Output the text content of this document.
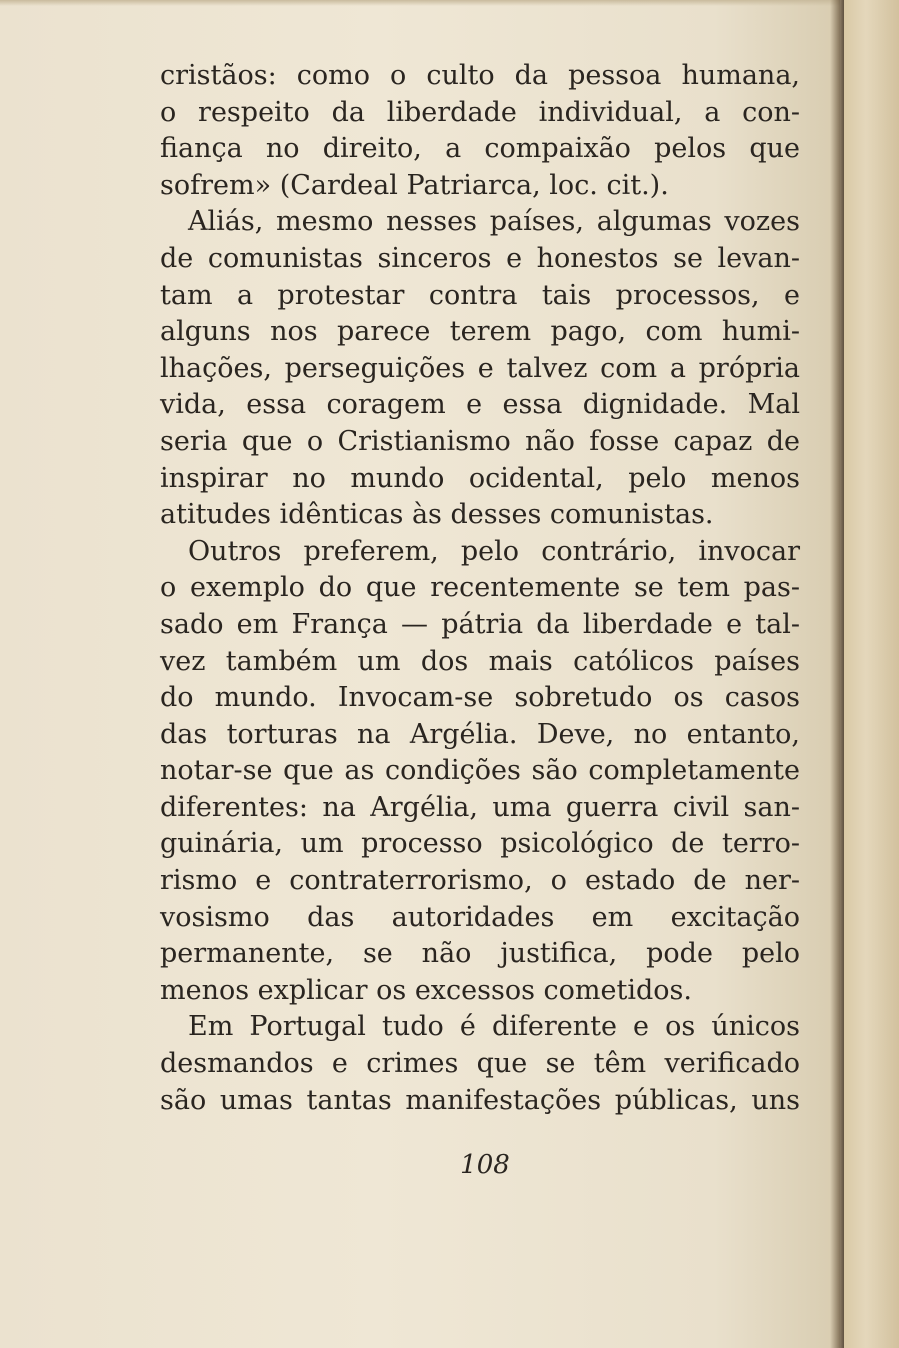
cristãos: como o culto da pessoa humana,
o respeito da liberdade individual, a con-
fiança no direito, a compaixão pelos que
sofrem» (Cardeal Patriarca, loc. cit.).
Aliás, mesmo nesses países, algumas vozes
de comunistas sinceros e honestos se levan-
tam a protestar contra tais processos, e
alguns nos parece terem pago, com humi-
lhações, perseguições e talvez com a própria
vida, essa coragem e essa dignidade. Mal
seria que o Cristianismo não fosse capaz de
inspirar no mundo ocidental, pelo menos
atitudes idênticas às desses comunistas.
Outros preferem, pelo contrário, invocar
o exemplo do que recentemente se tem pas-
sado em França — pátria da liberdade e tal-
vez também um dos mais católicos países
do mundo. Invocam-se sobretudo os casos
das torturas na Argélia. Deve, no entanto,
notar-se que as condições são completamente
diferentes: na Argélia, uma guerra civil san-
guinária, um processo psicológico de terro-
rismo e contraterrorismo, o estado de ner-
vosismo das autoridades em excitação
permanente, se não justifica, pode pelo
menos explicar os excessos cometidos.
Em Portugal tudo é diferente e os únicos
desmandos e crimes que se têm verificado
são umas tantas manifestações públicas, uns
108
